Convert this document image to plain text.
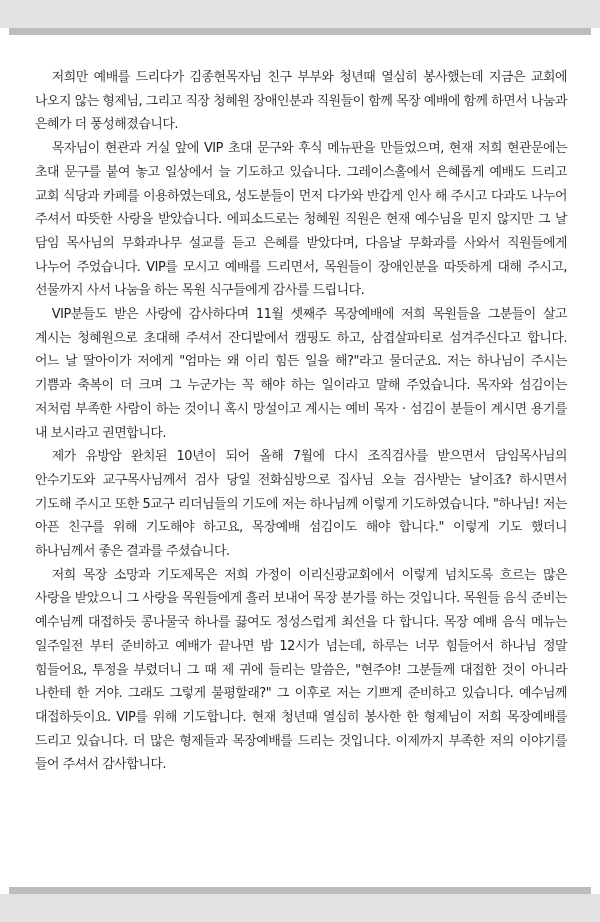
저희만 예배를 드리다가 김종현목자님 친구 부부와 청년때 열심히 봉사했는데 지금은 교회에 나오지 않는 형제님, 그리고 직장 청혜원 장애인분과 직원들이 함께 목장 예배에 함께 하면서 나눔과 은혜가 더 풍성해졌습니다.

목자님이 현관과 거실 앞에 VIP 초대 문구와 후식 메뉴판을 만들었으며, 현재 저희 현관문에는 초대 문구를 붙여 놓고 일상에서 늘 기도하고 있습니다. 그레이스홀에서 은혜롭게 예배도 드리고 교회 식당과 카페를 이용하였는데요, 성도분들이 먼저 다가와 반갑게 인사 해 주시고 다과도 나누어 주셔서 따뜻한 사랑을 받았습니다. 에피소드로는 청혜원 직원은 현재 예수님을 믿지 않지만 그 날 담임 목사님의 무화과나무 설교를 듣고 은혜를 받았다며, 다음날 무화과를 사와서 직원들에게 나누어 주었습니다. VIP를 모시고 예배를 드리면서, 목원들이 장애인분을 따뜻하게 대해 주시고, 선물까지 사서 나눔을 하는 목원 식구들에게 감사를 드립니다.

VIP분들도 받은 사랑에 감사하다며 11월 셋째주 목장예배에 저희 목원들을 그분들이 살고 계시는 청혜원으로 초대해 주셔서 잔디밭에서 캠핑도 하고, 삼겹살파티로 섬겨주신다고 합니다. 어느 날 딸아이가 저에게 "엄마는 왜 이리 힘든 일을 해?"라고 물더군요. 저는 하나님이 주시는 기쁨과 축복이 더 크며 그 누군가는 꼭 해야 하는 일이라고 말해 주었습니다. 목자와 섬김이는 저처럼 부족한 사람이 하는 것이니 혹시 망설이고 계시는 예비 목자 · 섬김이 분들이 계시면 용기를 내 보시라고 권면합니다.

제가 유방암 완치된 10년이 되어 올해 7월에 다시 조직검사를 받으면서 담임목사님의 안수기도와 교구목사님께서 검사 당일 전화심방으로 집사님 오늘 검사받는 날이죠? 하시면서 기도해 주시고 또한 5교구 리더님들의 기도에 저는 하나님께 이렇게 기도하였습니다. "하나님! 저는 아픈 친구를 위해 기도해야 하고요, 목장예배 섬김이도 해야 합니다." 이렇게 기도 했더니 하나님께서 좋은 결과를 주셨습니다.

저희 목장 소망과 기도제목은 저희 가정이 이리신광교회에서 이렇게 넘치도록 흐르는 많은 사랑을 받았으니 그 사랑을 목원들에게 흘러 보내어 목장 분가를 하는 것입니다. 목원들 음식 준비는 예수님께 대접하듯 콩나물국 하나를 끓여도 정성스럽게 최선을 다 합니다. 목장 예배 음식 메뉴는 일주일전 부터 준비하고 예배가 끝나면 밤 12시가 넘는데, 하루는 너무 힘들어서 하나님 정말 힘들어요, 투정을 부렸더니 그 때 제 귀에 들리는 말씀은, "현주야! 그분들께 대접한 것이 아니라 나한테 한 거야. 그래도 그렇게 불평할래?" 그 이후로 저는 기쁘게 준비하고 있습니다. 예수님께 대접하듯이요. VIP를 위해 기도합니다. 현재 청년때 열심히 봉사한 한 형제님이 저희 목장예배를 드리고 있습니다. 더 많은 형제들과 목장예배를 드리는 것입니다. 이제까지 부족한 저의 이야기를 들어 주셔서 감사합니다.
